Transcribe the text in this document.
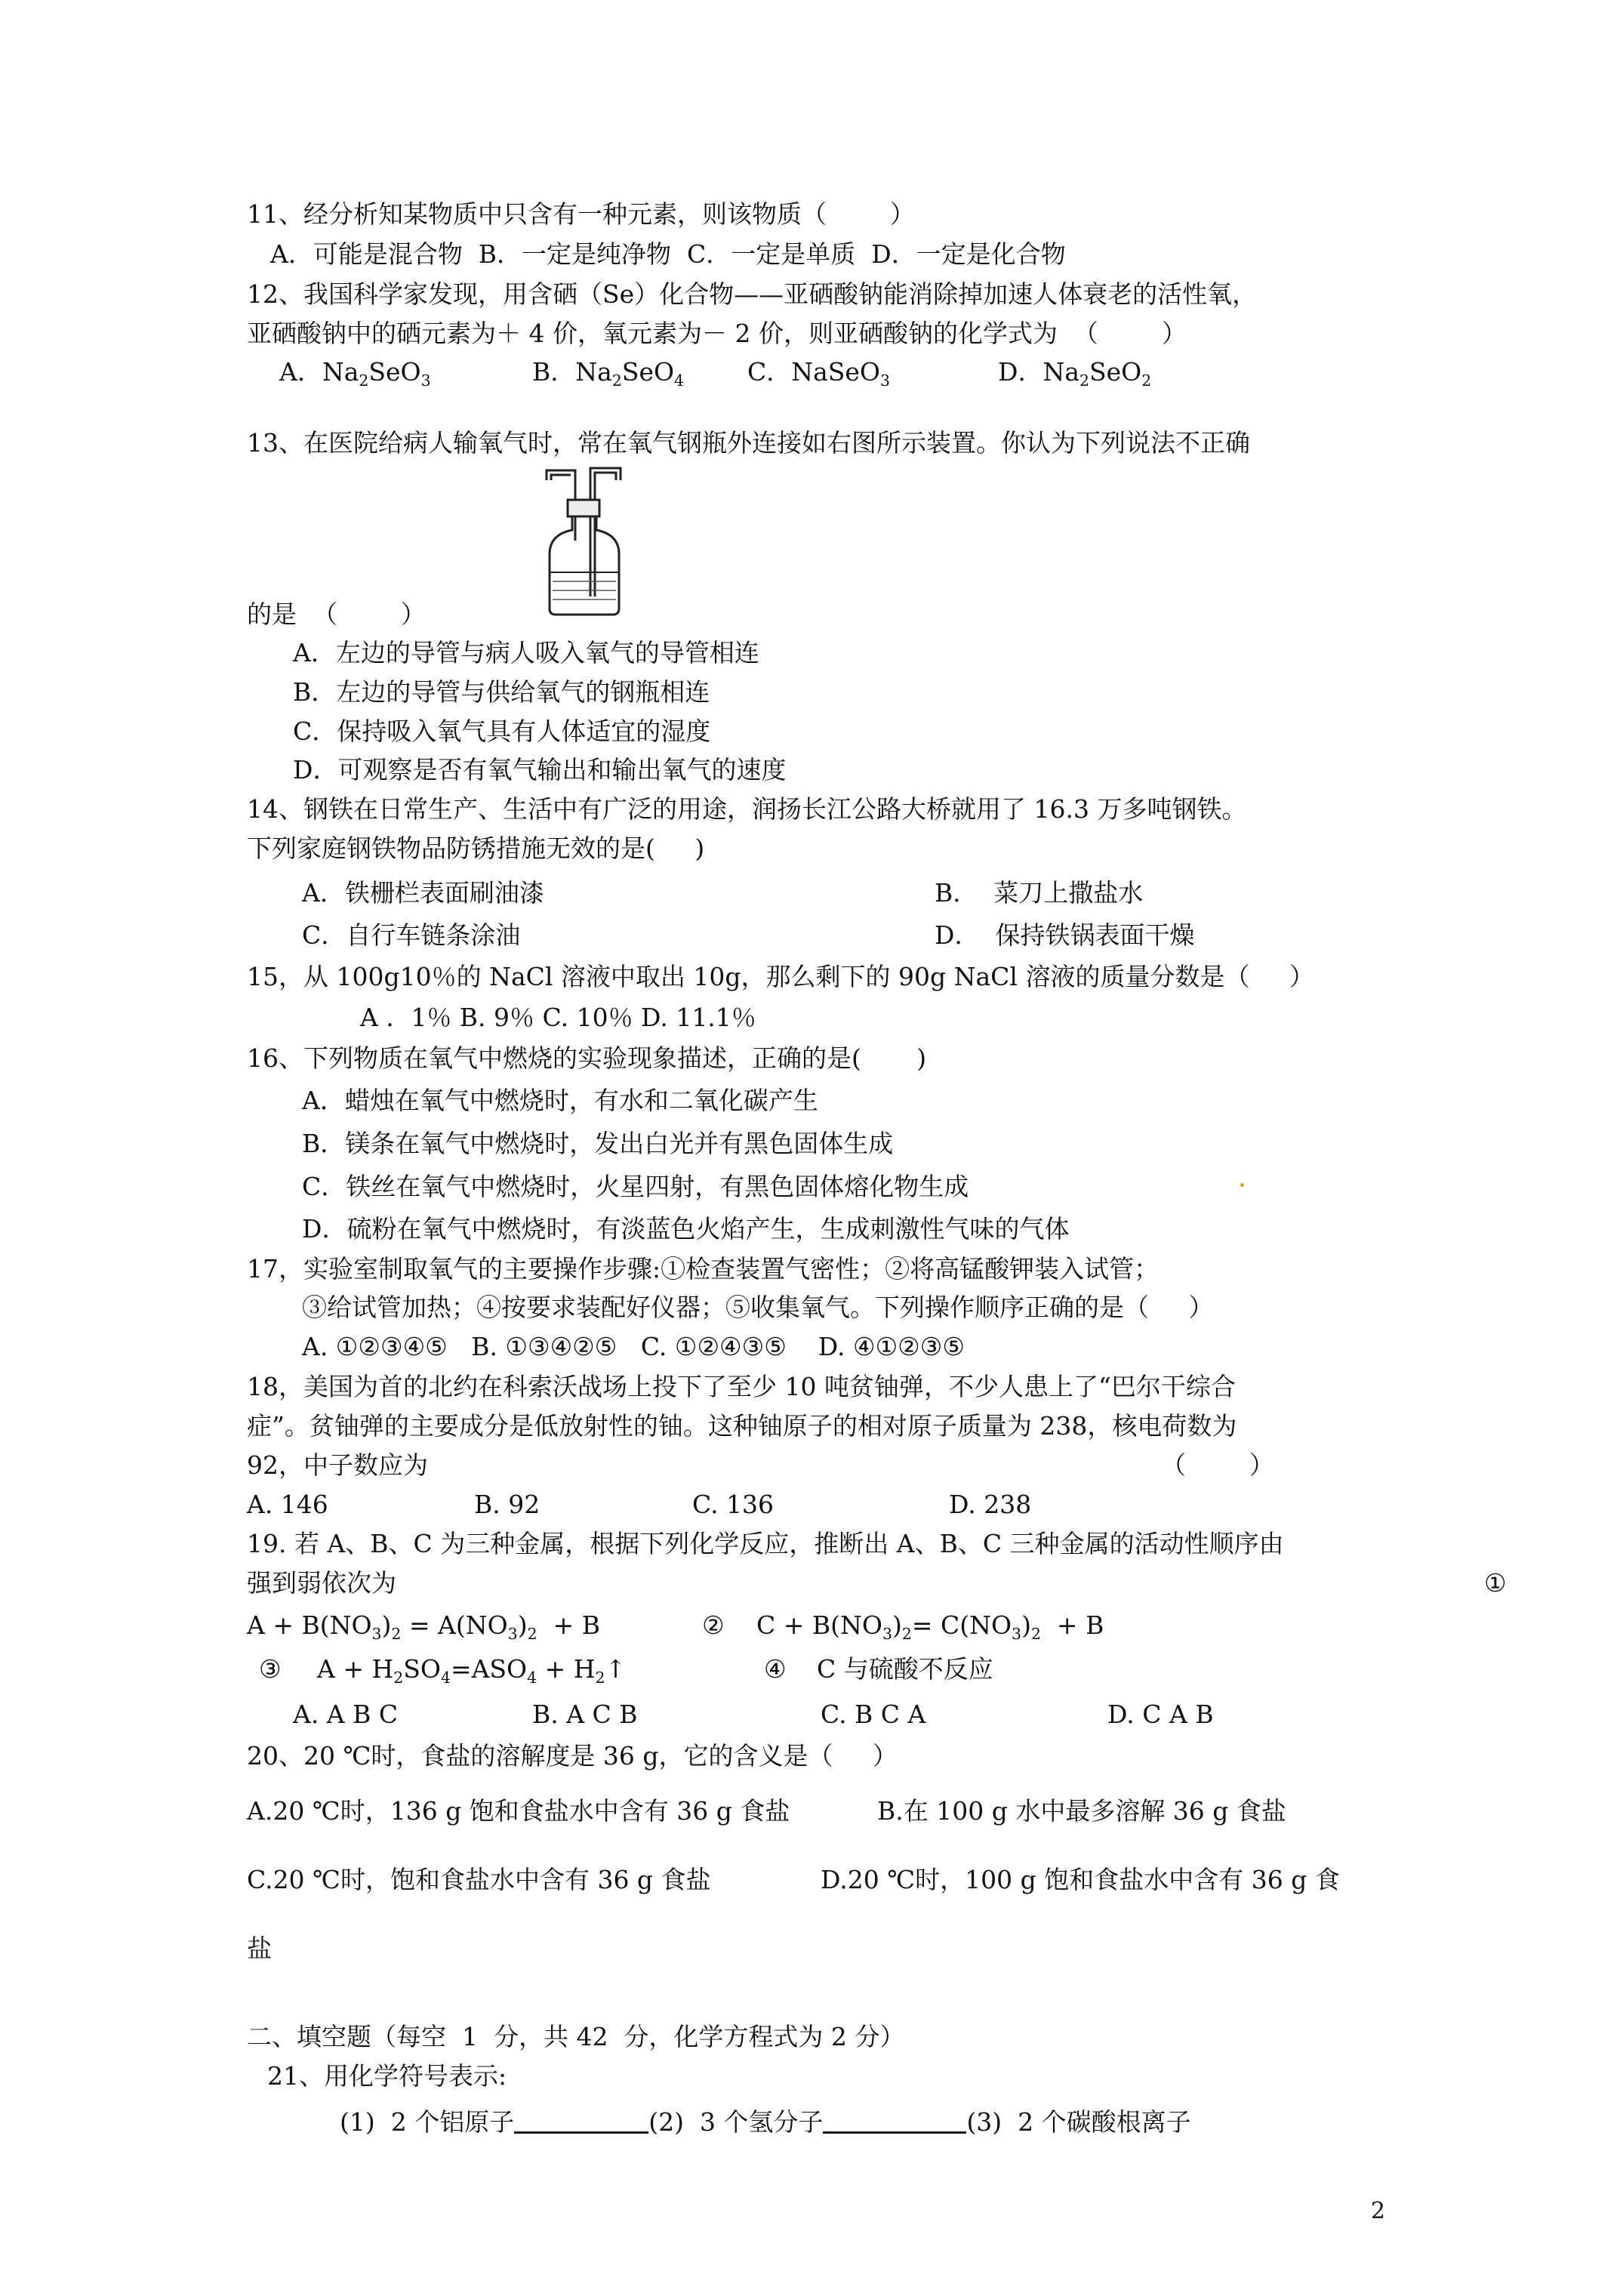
11、经分析知某物质中只含有一种元素，则该物质（        ）
A．可能是混合物  B．一定是纯净物  C．一定是单质  D．一定是化合物
12、我国科学家发现，用含硒（Se）化合物——亚硒酸钠能消除掉加速人体衰老的活性氧，
亚硒酸钠中的硒元素为＋ 4 价，氧元素为－ 2 价，则亚硒酸钠的化学式为  （        ）
A．$Na_2SeO_3$	B．$Na_2SeO_4$	C．NaSeO$_3$	D．$Na_2SeO_2$
13、在医院给病人输氧气时，常在氧气钢瓶外连接如右图所示装置。你认为下列说法不正确
的是  （        ）
A．左边的导管与病人吸入氧气的导管相连
B．左边的导管与供给氧气的钢瓶相连
C．保持吸入氧气具有人体适宜的湿度
D．可观察是否有氧气输出和输出氧气的速度
14、钢铁在日常生产、生活中有广泛的用途，润扬长江公路大桥就用了 16.3 万多吨钢铁。
下列家庭钢铁物品防锈措施无效的是(     )
A．铁栅栏表面刷油漆	B．  菜刀上撒盐水
C．自行车链条涂油	D．  保持铁锅表面干燥
15，从 100g10％的 NaCl 溶液中取出 10g，那么剩下的 90g NaCl 溶液的质量分数是（     ）
A ．1％ B. 9％ C. 10％ D. 11.1％
16、下列物质在氧气中燃烧的实验现象描述，正确的是(       )
A．蜡烛在氧气中燃烧时，有水和二氧化碳产生
B．镁条在氧气中燃烧时，发出白光并有黑色固体生成
C．铁丝在氧气中燃烧时，火星四射，有黑色固体熔化物生成
D．硫粉在氧气中燃烧时，有淡蓝色火焰产生，生成刺激性气味的气体
17，实验室制取氧气的主要操作步骤:①检查装置气密性；②将高锰酸钾装入试管；
③给试管加热；④按要求装配好仪器；⑤收集氧气。下列操作顺序正确的是（     ）
A. ①②③④⑤   B. ①③④②⑤   C. ①②④③⑤    D. ④①②③⑤
18，美国为首的北约在科索沃战场上投下了至少 10 吨贫铀弹，不少人患上了“巴尔干综合
症”。贫铀弹的主要成分是低放射性的铀。这种铀原子的相对原子质量为 238，核电荷数为
92，中子数应为	（        ）
A. 146	B. 92	C. 136	D. 238
19. 若 A、B、C 为三种金属，根据下列化学反应，推断出 A、B、C 三种金属的活动性顺序由
强到弱依次为	①
$A + B(NO_3)_2 = A(NO_3)_2 + B$	② $C + B(NO_3)_2= C(NO_3)_2 + B$
③ $A + H_2SO_4=ASO_4$ + $H_2↑$	④ C 与硫酸不反应
A. A B C	B. A C B	C. B C A	D. C A B
20、20 ℃时，食盐的溶解度是 36 g，它的含义是（     ）
A.20 ℃时，136 g 饱和食盐水中含有 36 g 食盐	B.在 100 g 水中最多溶解 36 g 食盐
C.20 ℃时，饱和食盐水中含有 36 g 食盐	D.20 ℃时，100 g 饱和食盐水中含有 36 g 食
盐
二、填空题（每空  1  分，共 42  分，化学方程式为 2 分）
21、用化学符号表示:
(1)  2 个铝原子	(2)  3 个氢分子	(3)  2 个碳酸根离子
2
